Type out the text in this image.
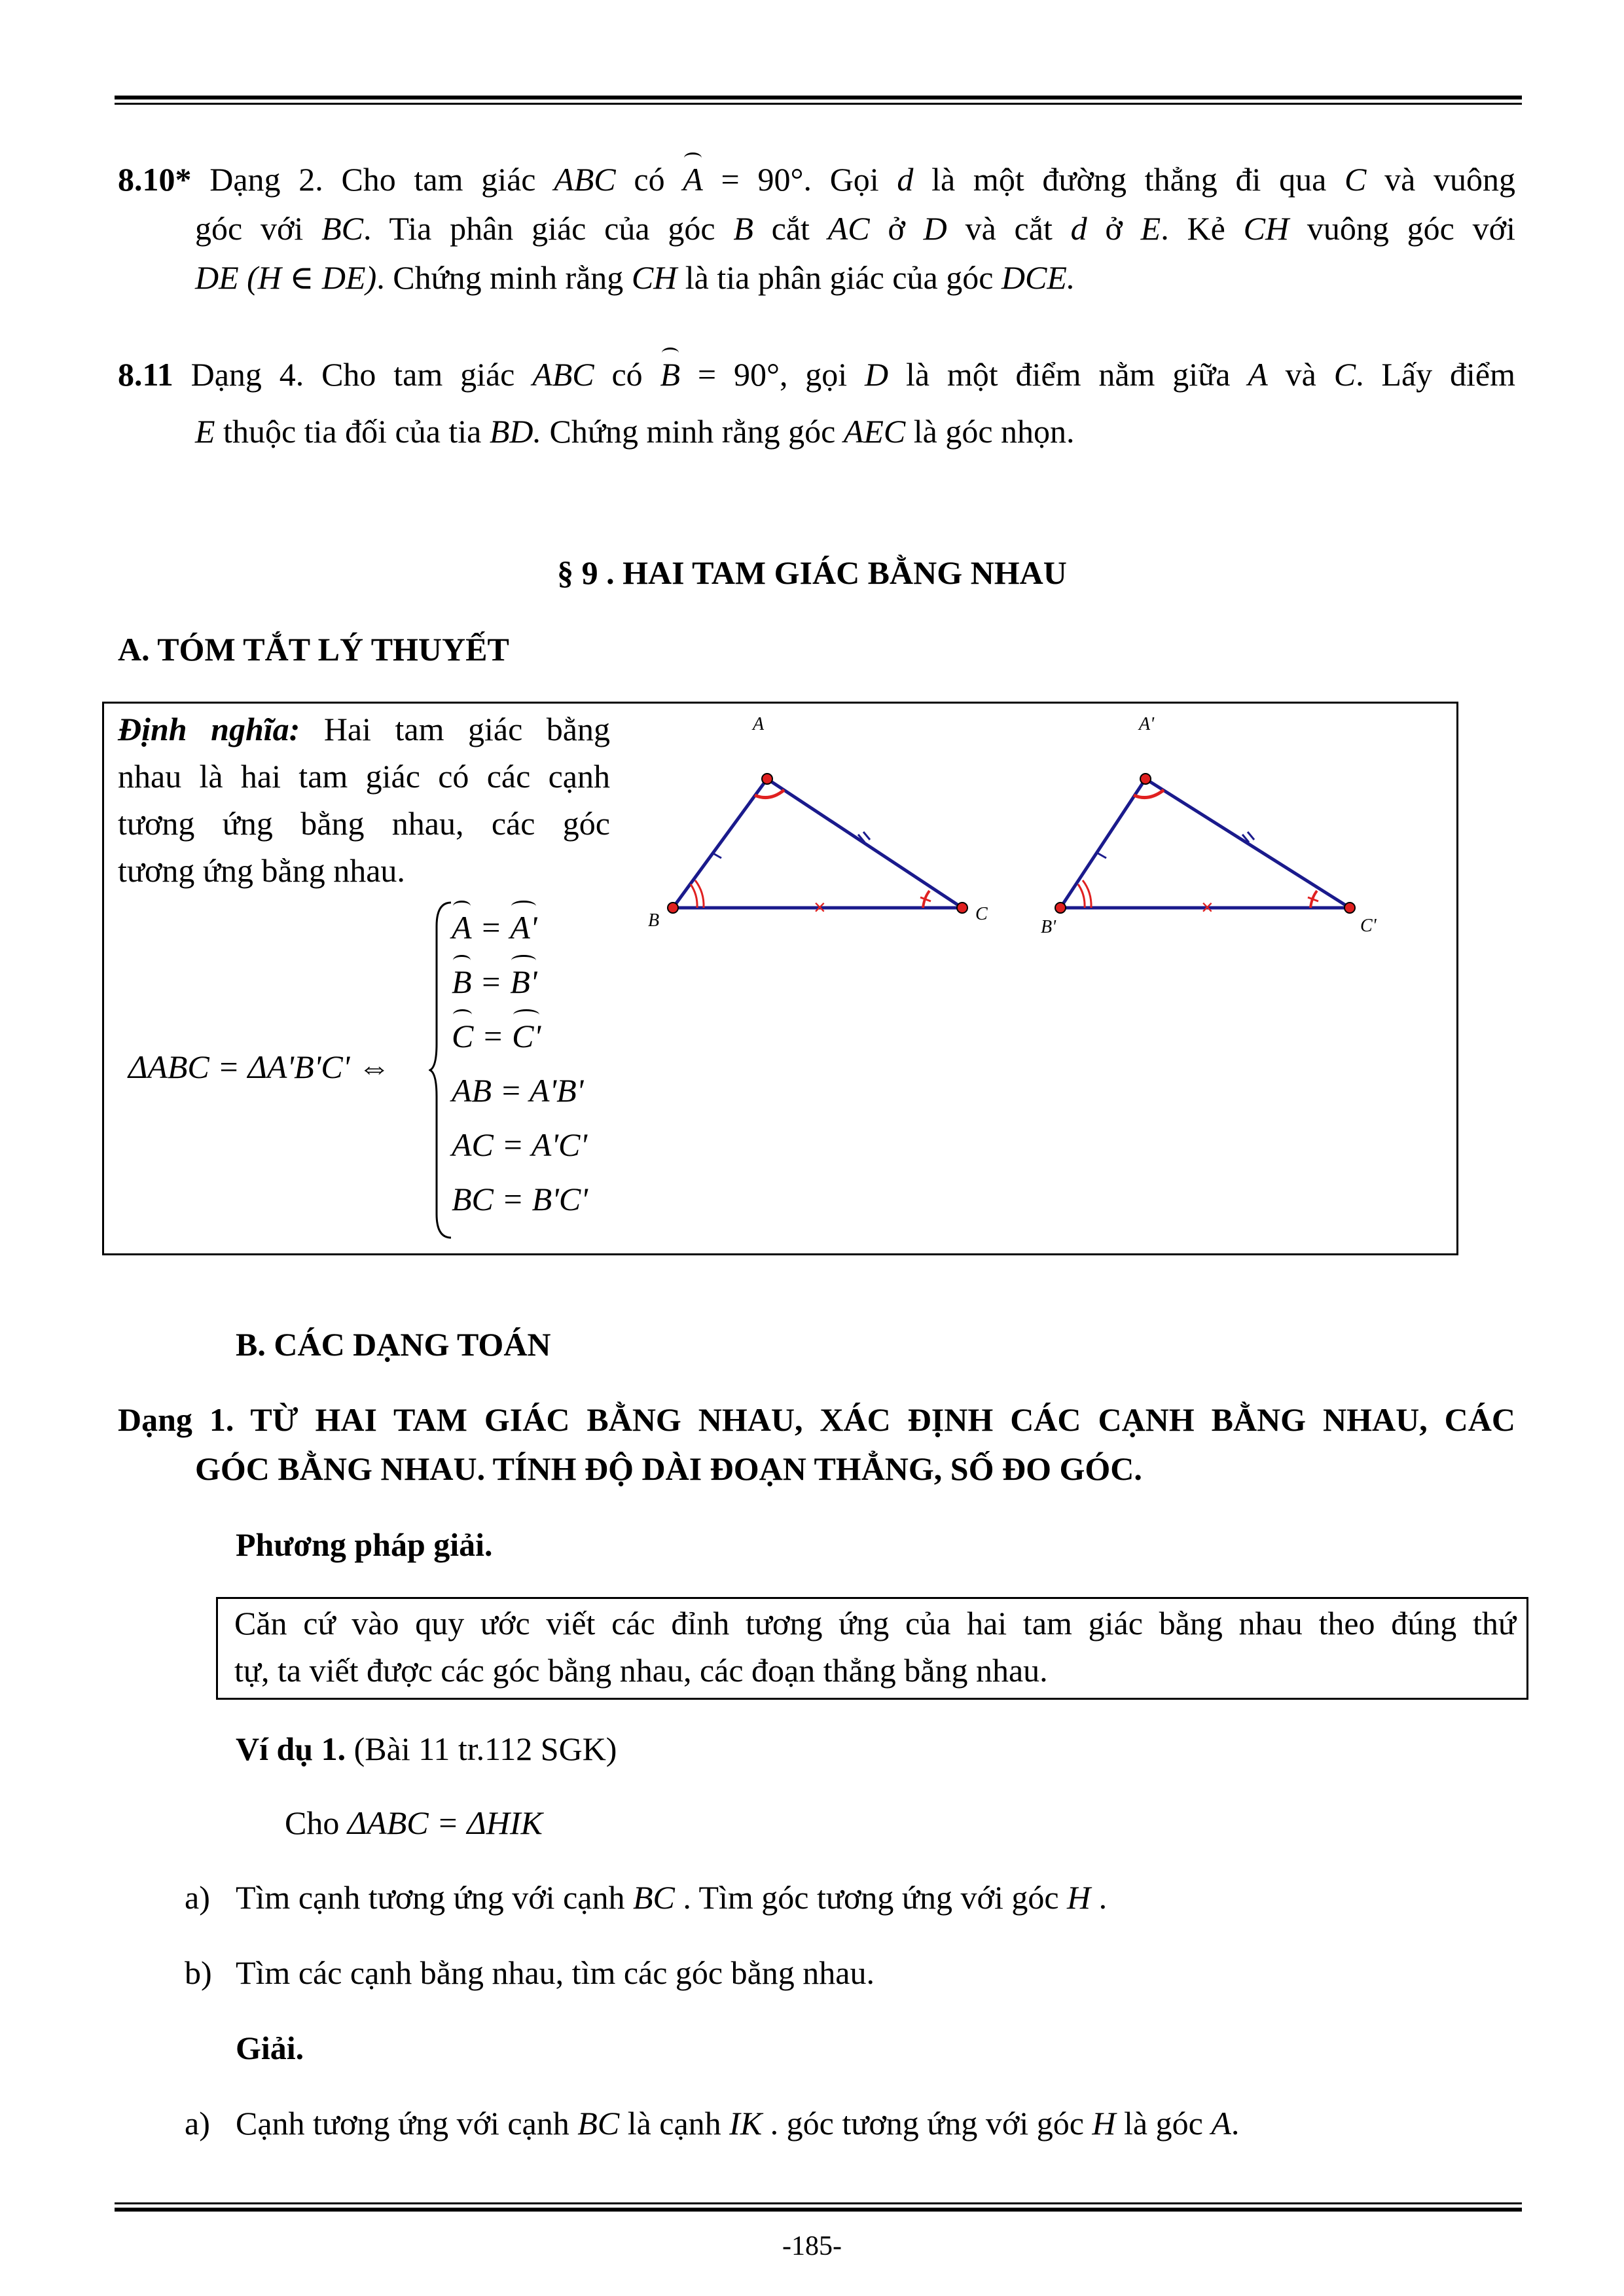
8.10* Dạng 2. Cho tam giác ABC có A = 90°. Gọi d là một đường thẳng đi qua C và vuông
góc với BC. Tia phân giác của góc B cắt AC ở D và cắt d ở E. Kẻ CH vuông góc với
DE (H ∈ DE). Chứng minh rằng CH là tia phân giác của góc DCE.
8.11 Dạng 4. Cho tam giác ABC có B = 90°, gọi D là một điểm nằm giữa A và C. Lấy điểm
E thuộc tia đối của tia BD. Chứng minh rằng góc AEC là góc nhọn.
§ 9 . HAI TAM GIÁC BẰNG NHAU
A. TÓM TẮT LÝ THUYẾT
Định nghĩa: Hai tam giác bằng
nhau là hai tam giác có các cạnh
tương ứng bằng nhau, các góc
tương ứng bằng nhau.
ΔABC = ΔA'B'C' ⇔
A = A'
B = B'
C = C'
AB = A'B'
AC = A'C'
BC = B'C'
×
A
B	C	×
A'
B'	C'
B. CÁC DẠNG TOÁN
Dạng 1. TỪ HAI TAM GIÁC BẰNG NHAU, XÁC ĐỊNH CÁC CẠNH BẰNG NHAU, CÁC
GÓC BẰNG NHAU. TÍNH ĐỘ DÀI ĐOẠN THẲNG, SỐ ĐO GÓC.
Phương pháp giải.
Căn cứ vào quy ước viết các đỉnh tương ứng của hai tam giác bằng nhau theo đúng thứ
tự, ta viết được các góc bằng nhau, các đoạn thẳng bằng nhau.
Ví dụ 1. (Bài 11 tr.112 SGK)
Cho ΔABC = ΔHIK
a) Tìm cạnh tương ứng với cạnh BC . Tìm góc tương ứng với góc H .
b) Tìm các cạnh bằng nhau, tìm các góc bằng nhau.
Giải.
a) Cạnh tương ứng với cạnh BC là cạnh IK . góc tương ứng với góc H là góc A.
-185-
